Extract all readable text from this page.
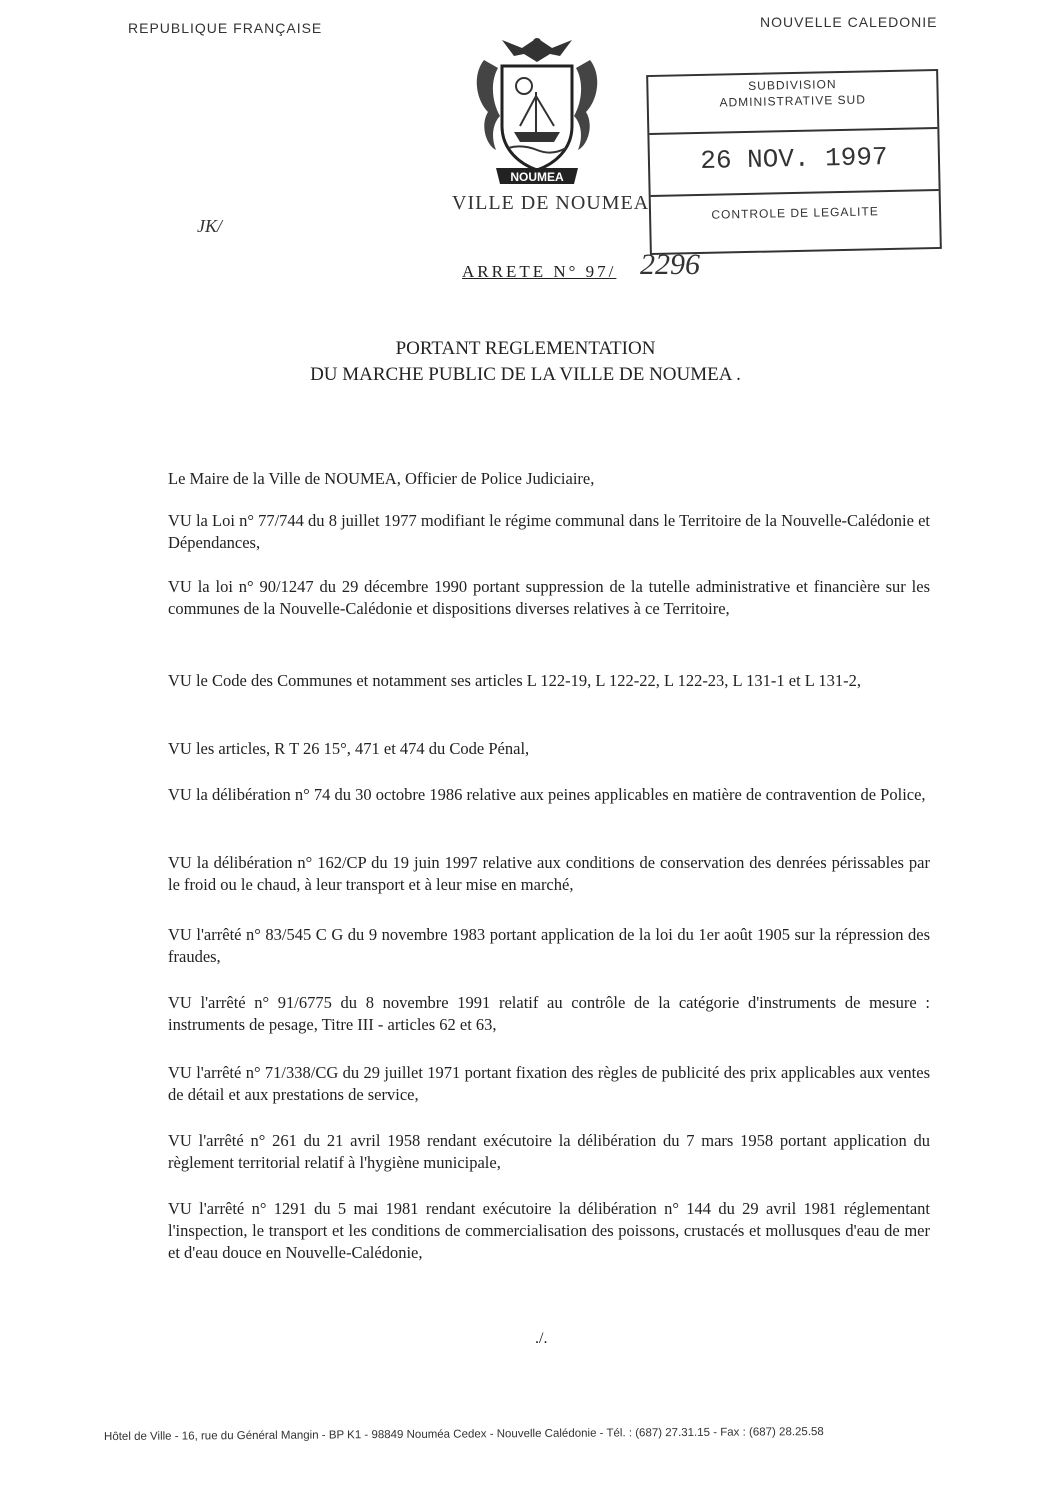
REPUBLIQUE FRANÇAISE	NOUVELLE CALEDONIE
NOUMEA
VILLE DE NOUMEA
JK/
SUBDIVISION
ADMINISTRATIVE SUD
26 NOV. 1997
CONTROLE DE LEGALITE
ARRETE N° 97/ 2296
PORTANT REGLEMENTATION
DU MARCHE PUBLIC DE LA VILLE DE NOUMEA .

Le Maire de la Ville de NOUMEA, Officier de Police Judiciaire,

VU la Loi n° 77/744 du 8 juillet 1977 modifiant le régime communal dans le Territoire de la Nouvelle-Calédonie et Dépendances,

VU la loi n° 90/1247 du 29 décembre 1990 portant suppression de la tutelle administrative et financière sur les communes de la Nouvelle-Calédonie et dispositions diverses relatives à ce Territoire,

VU le Code des Communes et notamment ses articles L 122-19, L 122-22, L 122-23, L 131-1 et L 131-2,

VU les articles, R T 26 15°, 471 et 474 du Code Pénal,

VU la délibération n° 74 du 30 octobre 1986 relative aux peines applicables en matière de contravention de Police,

VU la délibération n° 162/CP du 19 juin 1997 relative aux conditions de conservation des denrées périssables par le froid ou le chaud, à leur transport et à leur mise en marché,

VU l'arrêté n° 83/545 C G du 9 novembre 1983 portant application de la loi du 1er août 1905 sur la répression des fraudes,

VU l'arrêté n° 91/6775 du 8 novembre 1991 relatif au contrôle de la catégorie d'instruments de mesure : instruments de pesage, Titre III - articles 62 et 63,

VU l'arrêté n° 71/338/CG du 29 juillet 1971 portant fixation des règles de publicité des prix applicables aux ventes de détail et aux prestations de service,

VU l'arrêté n° 261 du 21 avril 1958 rendant exécutoire la délibération du 7 mars 1958 portant application du règlement territorial relatif à l'hygiène municipale,

VU l'arrêté n° 1291 du 5 mai 1981 rendant exécutoire la délibération n° 144 du 29 avril 1981 réglementant l'inspection, le transport et les conditions de commercialisation des poissons, crustacés et mollusques d'eau de mer et d'eau douce en Nouvelle-Calédonie,

./.
Hôtel de Ville - 16, rue du Général Mangin - BP K1 - 98849 Nouméa Cedex - Nouvelle Calédonie - Tél. : (687) 27.31.15 - Fax : (687) 28.25.58
